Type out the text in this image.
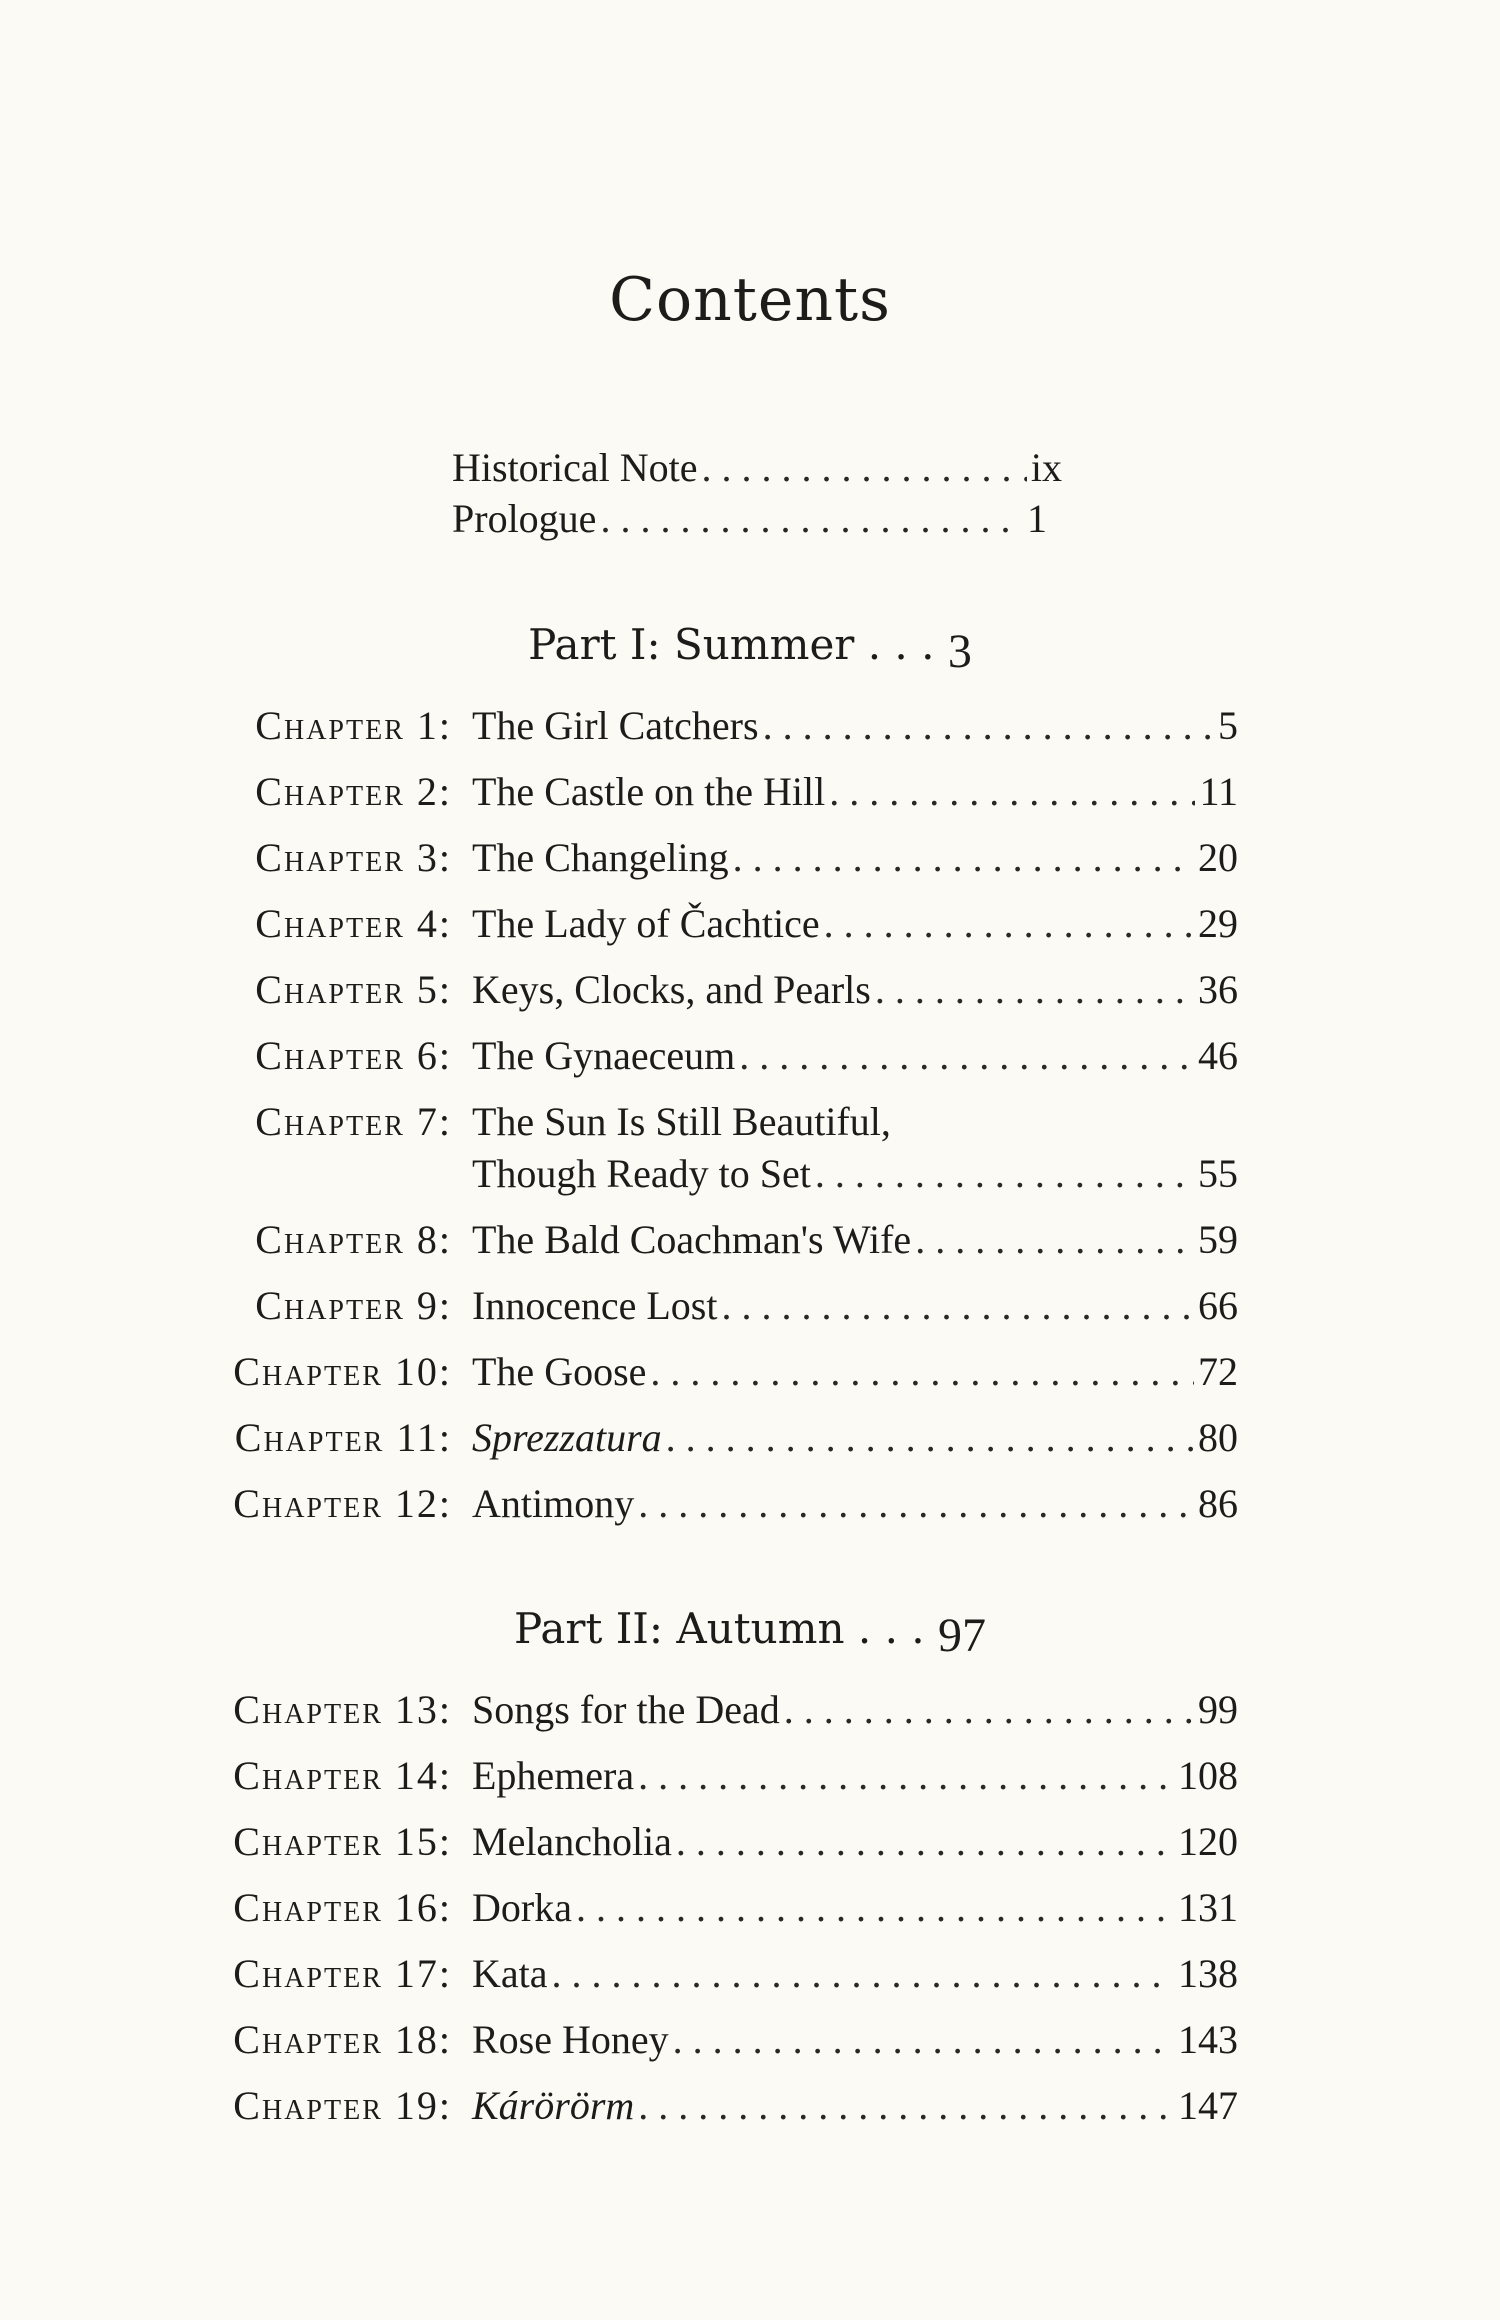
Contents
Historical Note . . .	ix
Prologue . . .	1
Part I: Summer . . . 3
Chapter 1: The Girl Catchers . . .	5
Chapter 2: The Castle on the Hill . . .	11
Chapter 3: The Changeling . . .	20
Chapter 4: The Lady of Čachtice . . .	29
Chapter 5: Keys, Clocks, and Pearls . . .	36
Chapter 6: The Gynaeceum . . .	46
Chapter 7: The Sun Is Still Beautiful,
Though Ready to Set . . .	55
Chapter 8: The Bald Coachman's Wife . . .	59
Chapter 9: Innocence Lost . . .	66
Chapter 10: The Goose . . .	72
Chapter 11: Sprezzatura . . .	80
Chapter 12: Antimony . . .	86
Part II: Autumn . . . 97
Chapter 13: Songs for the Dead . . .	99
Chapter 14: Ephemera . . .	108
Chapter 15: Melancholia . . .	120
Chapter 16: Dorka . . .	131
Chapter 17: Kata . . .	138
Chapter 18: Rose Honey . . .	143
Chapter 19: Kárörörm . . .	147
